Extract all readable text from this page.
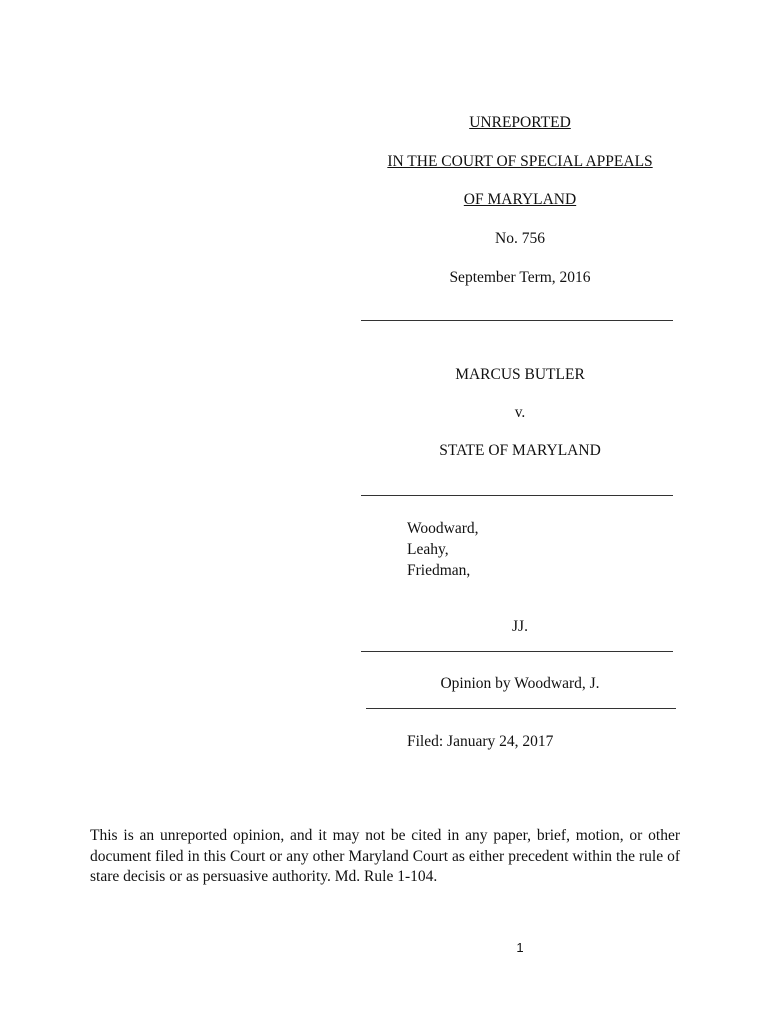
UNREPORTED
IN THE COURT OF SPECIAL APPEALS
OF MARYLAND
No. 756
September Term, 2016
MARCUS BUTLER
v.
STATE OF MARYLAND
Woodward,
Leahy,
Friedman,
JJ.
Opinion by Woodward, J.
Filed: January 24, 2017
This is an unreported opinion, and it may not be cited in any paper, brief, motion, or other document filed in this Court or any other Maryland Court as either precedent within the rule of stare decisis or as persuasive authority. Md. Rule 1-104.
1
